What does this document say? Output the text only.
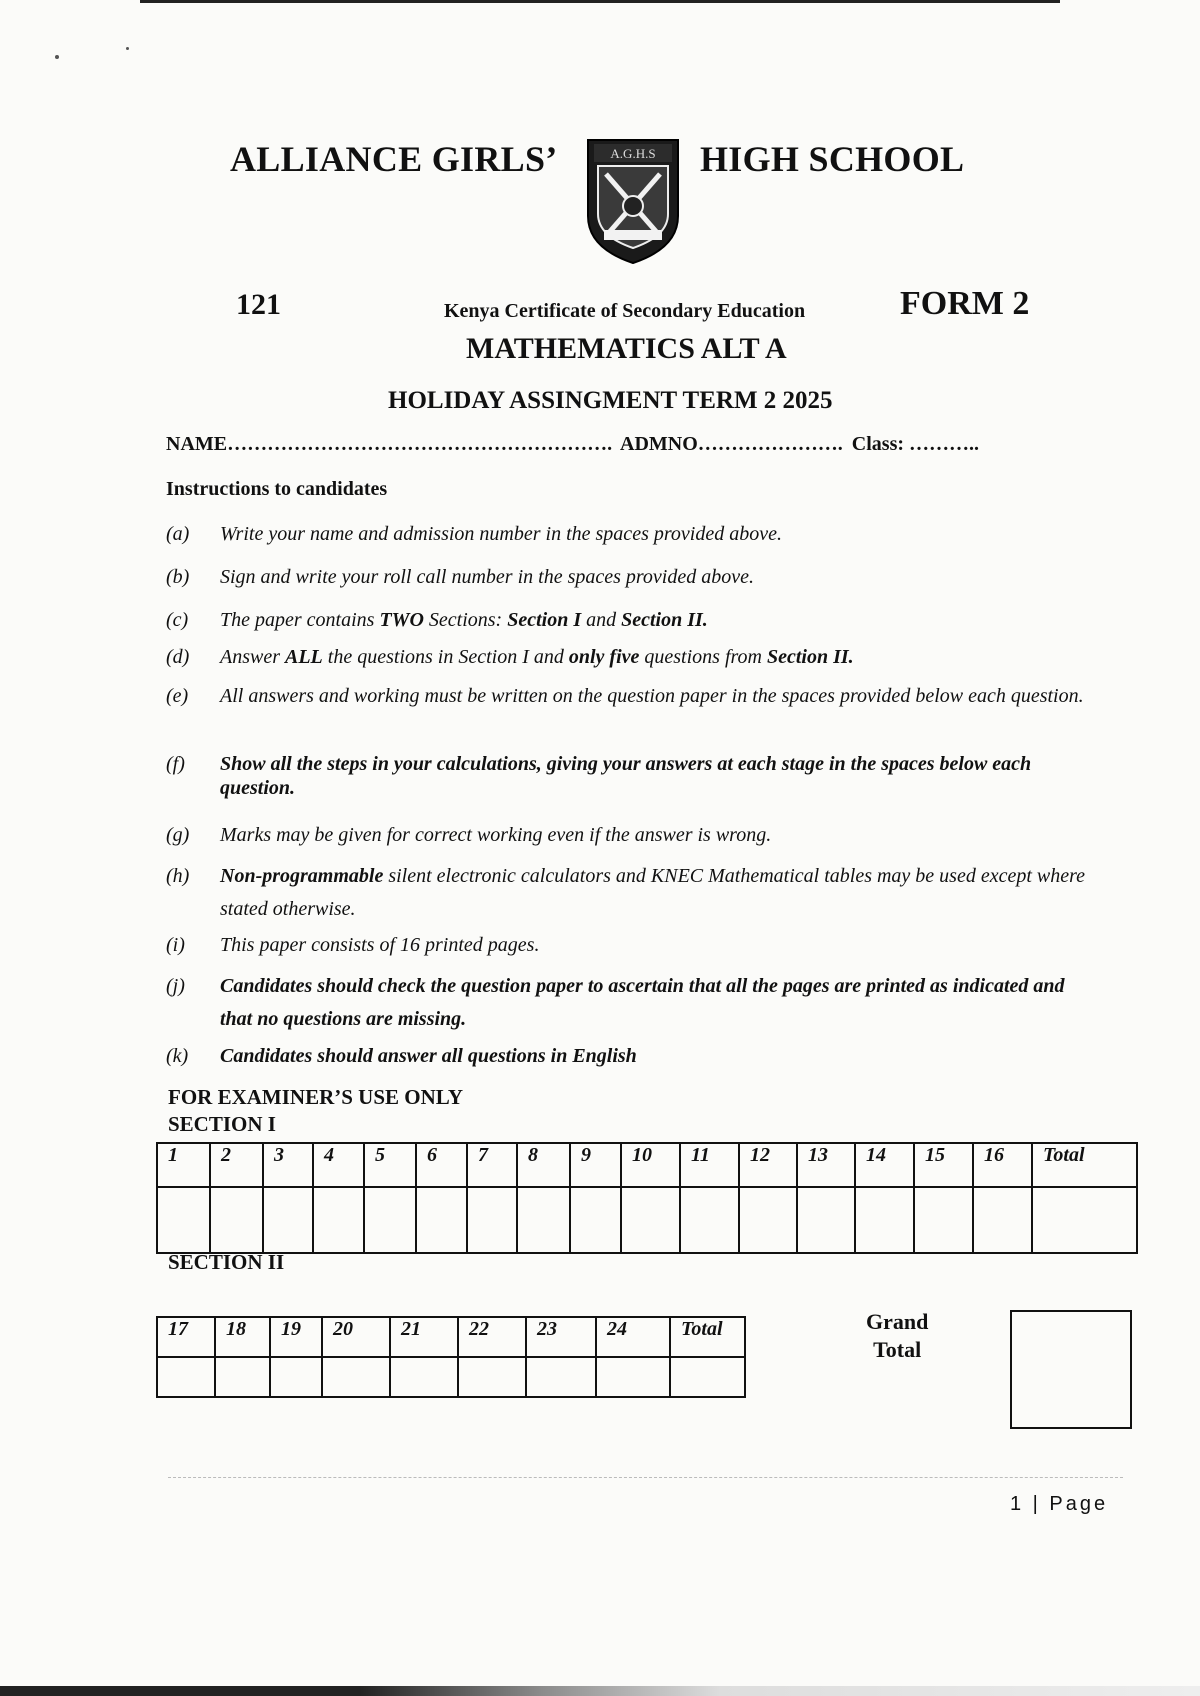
ALLIANCE GIRLS’	A.G.H.S HIGH SCHOOL
121	Kenya Certificate of Secondary Education	FORM 2
MATHEMATICS ALT A
HOLIDAY ASSINGMENT TERM 2 2025
NAME…………………………………………………. ADMNO…………………. Class: ………..
Instructions to candidates
(a) Write your name and admission number in the spaces provided above.
(b) Sign and write your roll call number in the spaces provided above.
(c) The paper contains TWO Sections: Section I and Section II.
(d) Answer ALL the questions in Section I and only five questions from Section II.
(e) All answers and working must be written on the question paper in the spaces provided below each question.
(f) Show all the steps in your calculations, giving your answers at each stage in the spaces below each question.
(g) Marks may be given for correct working even if the answer is wrong.
(h) Non-programmable silent electronic calculators and KNEC Mathematical tables may be used except where stated otherwise.
(i) This paper consists of 16 printed pages.
(j) Candidates should check the question paper to ascertain that all the pages are printed as indicated and that no questions are missing.
(k) Candidates should answer all questions in English
FOR EXAMINER’S USE ONLY
SECTION I
1	2	3	4	5	6	7	8	9	10	11	12	13	14	15	16	Total

SECTION II
17	18	19	20	21	22	23	24	Total
									Grand
Total
1 | Page
